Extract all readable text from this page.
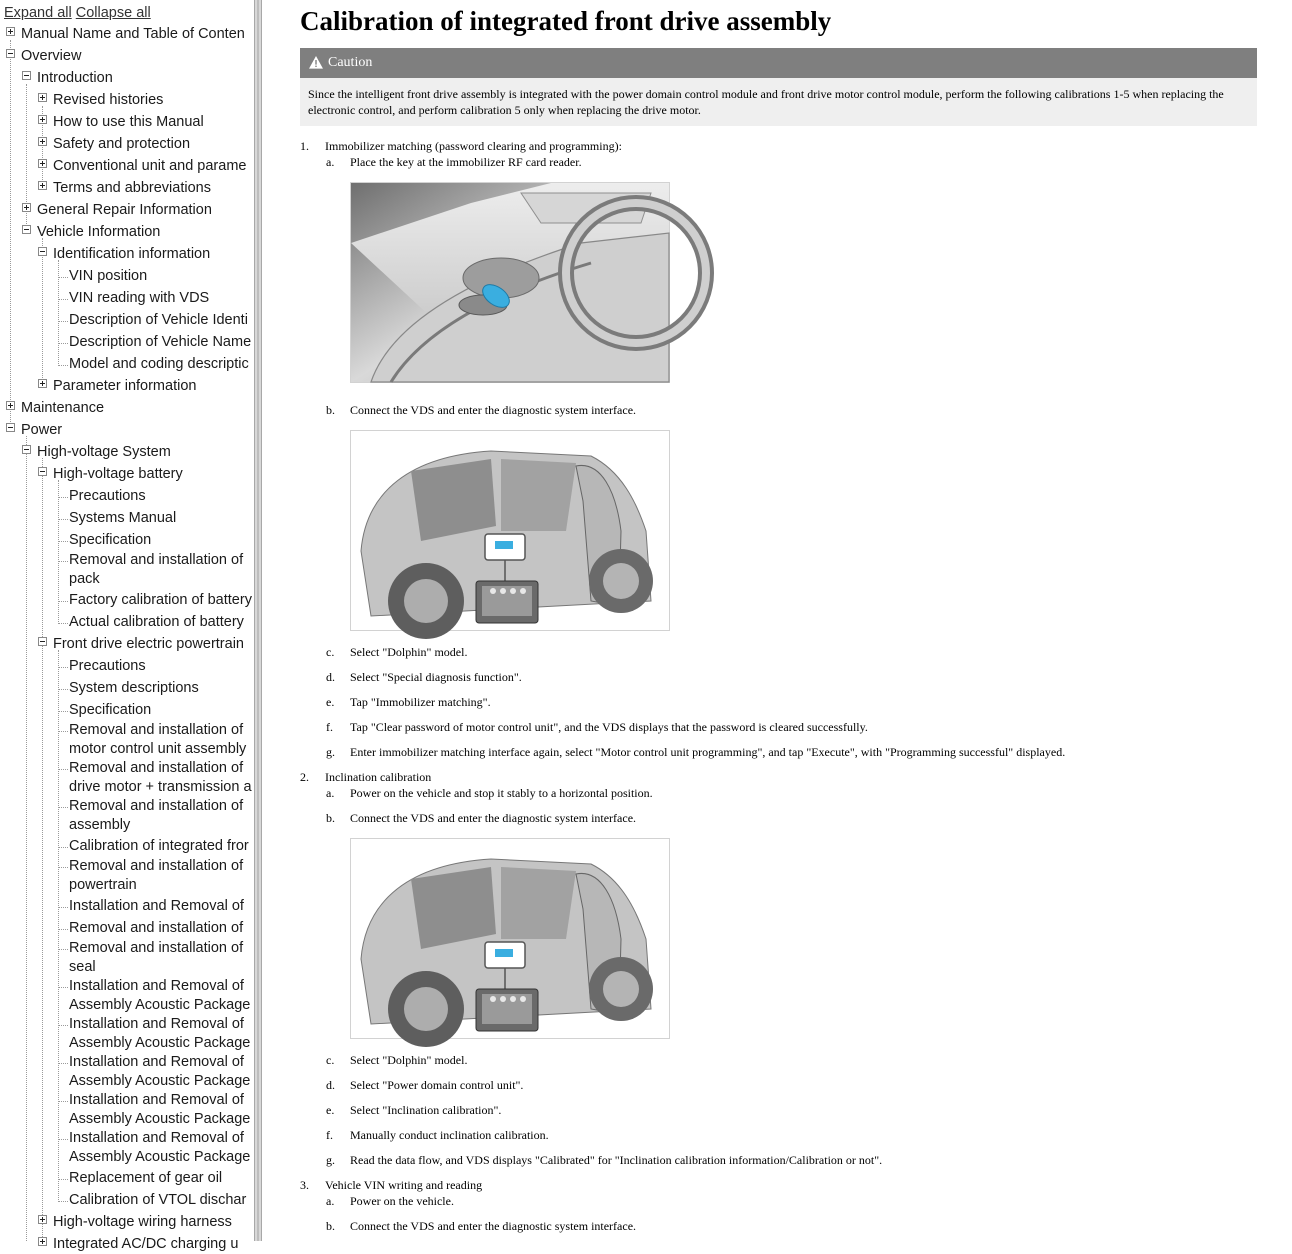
Expand all Collapse all
Manual Name and Table of Conten
Overview
Introduction
Revised histories
How to use this Manual
Safety and protection
Conventional unit and parame
Terms and abbreviations
General Repair Information
Vehicle Information
Identification information
VIN position
VIN reading with VDS
Description of Vehicle Identi
Description of Vehicle Name
Model and coding descriptic
Parameter information
Maintenance
Power
High-voltage System
High-voltage battery
Precautions
Systems Manual
Specification
Removal and installation of pack
Factory calibration of battery
Actual calibration of battery
Front drive electric powertrain
Precautions
System descriptions
Specification
Removal and installation of motor control unit assembly
Removal and installation of drive motor + transmission a
Removal and installation of assembly
Calibration of integrated fror
Removal and installation of powertrain
Installation and Removal of
Removal and installation of
Removal and installation of seal
Installation and Removal of Assembly Acoustic Package
Installation and Removal of Assembly Acoustic Package
Installation and Removal of Assembly Acoustic Package
Installation and Removal of Assembly Acoustic Package
Installation and Removal of Assembly Acoustic Package
Replacement of gear oil
Calibration of VTOL dischar
High-voltage wiring harness
Integrated AC/DC charging u
Calibration of integrated front drive assembly
Caution
Since the intelligent front drive assembly is integrated with the power domain control module and front drive motor control module, perform the following calibrations 1-5 when replacing the electronic control, and perform calibration 5 only when replacing the drive motor.
1. Immobilizer matching (password clearing and programming):
a. Place the key at the immobilizer RF card reader.
b. Connect the VDS and enter the diagnostic system interface.
c. Select "Dolphin" model.
d. Select "Special diagnosis function".
e. Tap "Immobilizer matching".
f. Tap "Clear password of motor control unit", and the VDS displays that the password is cleared successfully.
g. Enter immobilizer matching interface again, select "Motor control unit programming", and tap "Execute", with "Programming successful" displayed.
2. Inclination calibration
a. Power on the vehicle and stop it stably to a horizontal position.
b. Connect the VDS and enter the diagnostic system interface.
c. Select "Dolphin" model.
d. Select "Power domain control unit".
e. Select "Inclination calibration".
f. Manually conduct inclination calibration.
g. Read the data flow, and VDS displays "Calibrated" for "Inclination calibration information/Calibration or not".
3. Vehicle VIN writing and reading
a. Power on the vehicle.
b. Connect the VDS and enter the diagnostic system interface.
